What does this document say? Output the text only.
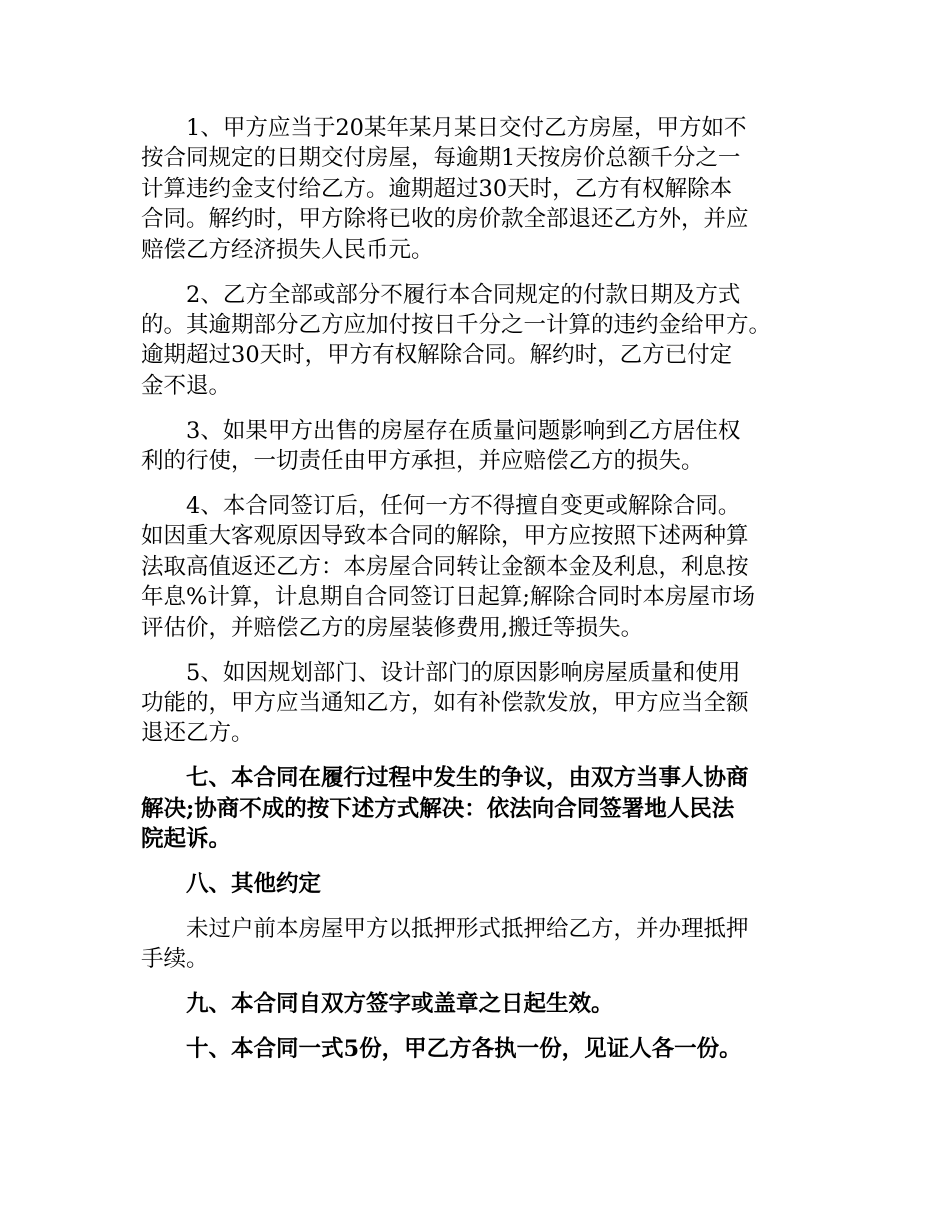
1、甲方应当于20某年某月某日交付乙方房屋，甲方如不
按合同规定的日期交付房屋，每逾期1天按房价总额千分之一
计算违约金支付给乙方。逾期超过30天时，乙方有权解除本
合同。解约时，甲方除将已收的房价款全部退还乙方外，并应
赔偿乙方经济损失人民币元。

2、乙方全部或部分不履行本合同规定的付款日期及方式
的。其逾期部分乙方应加付按日千分之一计算的违约金给甲方。
逾期超过30天时，甲方有权解除合同。解约时，乙方已付定
金不退。

3、如果甲方出售的房屋存在质量问题影响到乙方居住权
利的行使，一切责任由甲方承担，并应赔偿乙方的损失。

4、本合同签订后，任何一方不得擅自变更或解除合同。
如因重大客观原因导致本合同的解除，甲方应按照下述两种算
法取高值返还乙方：本房屋合同转让金额本金及利息，利息按
年息%计算，计息期自合同签订日起算;解除合同时本房屋市场
评估价，并赔偿乙方的房屋装修费用,搬迁等损失。

5、如因规划部门、设计部门的原因影响房屋质量和使用
功能的，甲方应当通知乙方，如有补偿款发放，甲方应当全额
退还乙方。

七、本合同在履行过程中发生的争议，由双方当事人协商
解决;协商不成的按下述方式解决：依法向合同签署地人民法
院起诉。

八、其他约定

未过户前本房屋甲方以抵押形式抵押给乙方，并办理抵押
手续。

九、本合同自双方签字或盖章之日起生效。

十、本合同一式5份，甲乙方各执一份，见证人各一份。
